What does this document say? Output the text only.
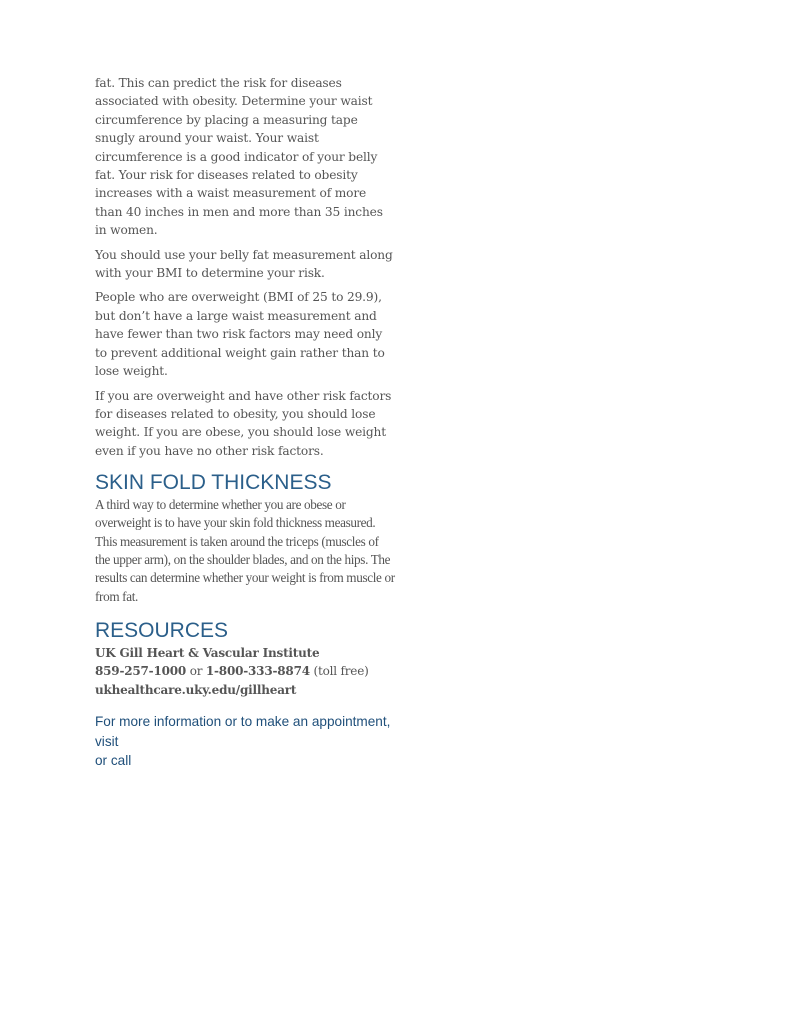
fat. This can predict the risk for diseases associated with obesity. Determine your waist circumference by placing a measuring tape snugly around your waist. Your waist circumference is a good indicator of your belly fat. Your risk for diseases related to obesity increases with a waist measurement of more than 40 inches in men and more than 35 inches in women.

You should use your belly fat measurement along with your BMI to determine your risk.

People who are overweight (BMI of 25 to 29.9), but don’t have a large waist measurement and have fewer than two risk factors may need only to prevent additional weight gain rather than to lose weight.

If you are overweight and have other risk factors for diseases related to obesity, you should lose weight. If you are obese, you should lose weight even if you have no other risk factors.

SKIN FOLD THICKNESS

A third way to determine whether you are obese or overweight is to have your skin fold thickness measured. This measurement is taken around the triceps (muscles of the upper arm), on the shoulder blades, and on the hips. The results can determine whether your weight is from muscle or from fat.

RESOURCES

UK Gill Heart & Vascular Institute

859-257-1000 or 1-800-333-8874 (toll free)

ukhealthcare.uky.edu/gillheart

For more information or to make an appointment,
visit
or call
